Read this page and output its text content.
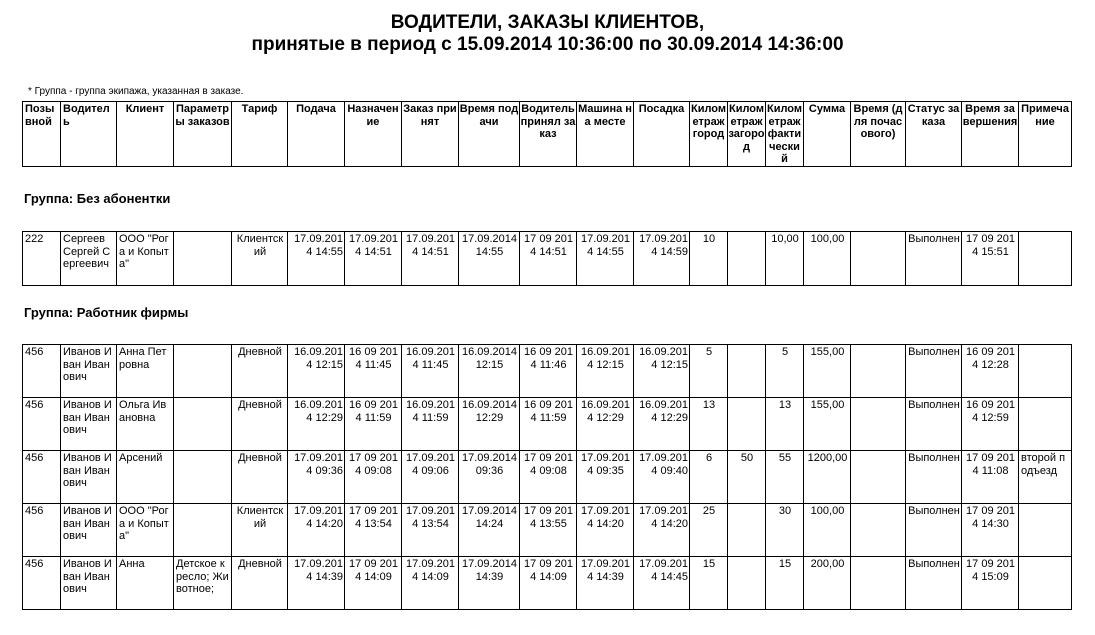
ВОДИТЕЛИ, ЗАКАЗЫ КЛИЕНТОВ,
принятые в период с 15.09.2014 10:36:00 по 30.09.2014 14:36:00
* Группа - группа экипажа, указанная в заказе.
Позывной	Водитель	Клиент	Параметры заказов	Тариф	Подача	Назначение	Заказ принят	Время подачи	Водитель принял заказ	Машина на месте	Посадка	Километраж город	Километраж загород	Километраж фактический	Сумма	Время (для почасового)	Статус заказа	Время завершения	Примечание
Группа: Без абонентки
222	Сергеев Сергей Сергеевич	ООО "Рога и Копыта"		Клиентский	17.09.2014 14:55	17.09.2014 14:51	17.09.2014 14:51	17.09.2014 14:55	17 09 2014 14:51	17.09.2014 14:55	17.09.2014 14:59	10		10,00	100,00		Выполнен	17 09 2014 15:51	
Группа: Работник фирмы
456	Иванов Иван Иванович	Анна Петровна		Дневной	16.09.2014 12:15	16 09 2014 11:45	16.09.2014 11:45	16.09.2014 12:15	16 09 2014 11:46	16.09.2014 12:15	16.09.2014 12:15	5		5	155,00		Выполнен	16 09 2014 12:28	
456	Иванов Иван Иванович	Ольга Ивановна		Дневной	16.09.2014 12:29	16 09 2014 11:59	16.09.2014 11:59	16.09.2014 12:29	16 09 2014 11:59	16.09.2014 12:29	16.09.2014 12:29	13		13	155,00		Выполнен	16 09 2014 12:59	
456	Иванов Иван Иванович	Арсений		Дневной	17.09.2014 09:36	17 09 2014 09:08	17.09.2014 09:06	17.09.2014 09:36	17 09 2014 09:08	17.09.2014 09:35	17.09.2014 09:40	6	50	55	1200,00		Выполнен	17 09 2014 11:08	второй подъезд
456	Иванов Иван Иванович	ООО "Рога и Копыта"		Клиентский	17.09.2014 14:20	17 09 2014 13:54	17.09.2014 13:54	17.09.2014 14:24	17 09 2014 13:55	17.09.2014 14:20	17.09.2014 14:20	25		30	100,00		Выполнен	17 09 2014 14:30	
456	Иванов Иван Иванович	Анна	Детское кресло; Животное;	Дневной	17.09.2014 14:39	17 09 2014 14:09	17.09.2014 14:09	17.09.2014 14:39	17 09 2014 14:09	17.09.2014 14:39	17.09.2014 14:45	15		15	200,00		Выполнен	17 09 2014 15:09	
